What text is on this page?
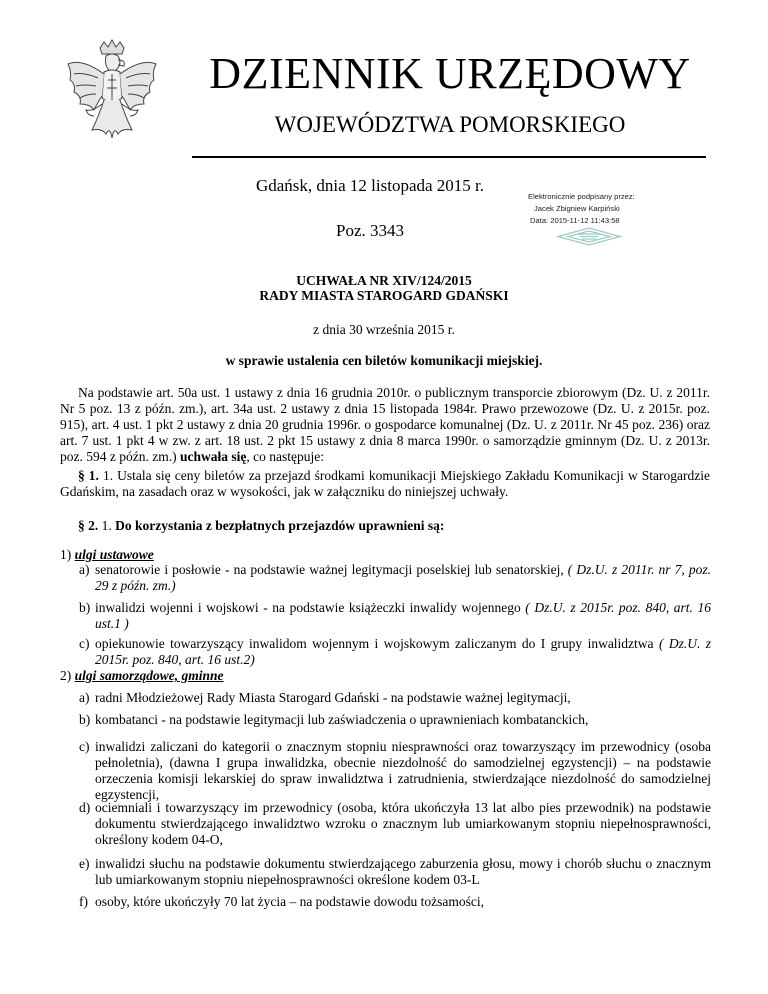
DZIENNIK URZĘDOWY
WOJEWÓDZTWA POMORSKIEGO
Gdańsk, dnia 12 listopada 2015 r.
Poz. 3343
Elektronicznie podpisany przez:
Jacek Zbigniew Karpiński
Data: 2015-11-12 11:43:58
UCHWAŁA NR XIV/124/2015
RADY MIASTA STAROGARD GDAŃSKI
z dnia 30 września 2015 r.
w sprawie ustalenia cen biletów komunikacji miejskiej.
Na podstawie art. 50a ust. 1 ustawy z dnia 16 grudnia 2010r. o publicznym transporcie zbiorowym (Dz. U. z 2011r. Nr 5 poz. 13 z późn. zm.), art. 34a ust. 2 ustawy z dnia 15 listopada 1984r. Prawo przewozowe (Dz. U. z 2015r. poz. 915), art. 4 ust. 1 pkt 2 ustawy z dnia 20 grudnia 1996r. o gospodarce komunalnej (Dz. U. z 2011r. Nr 45 poz. 236) oraz art. 7 ust. 1 pkt 4 w zw. z art. 18 ust. 2 pkt 15 ustawy z dnia 8 marca 1990r. o samorządzie gminnym (Dz. U. z 2013r. poz. 594 z późn. zm.) uchwała się, co następuje:
§ 1. 1. Ustala się ceny biletów za przejazd środkami komunikacji Miejskiego Zakładu Komunikacji w Starogardzie Gdańskim, na zasadach oraz w wysokości, jak w załączniku do niniejszej uchwały.
§ 2. 1. Do korzystania z bezpłatnych przejazdów uprawnieni są:
1) ulgi ustawowe
a) senatorowie i posłowie - na podstawie ważnej legitymacji poselskiej lub senatorskiej, ( Dz.U. z 2011r. nr 7, poz. 29 z późn. zm.)
b) inwalidzi wojenni i wojskowi - na podstawie książeczki inwalidy wojennego ( Dz.U. z 2015r. poz. 840, art. 16 ust.1 )
c) opiekunowie towarzyszący inwalidom wojennym i wojskowym zaliczanym do I grupy inwalidztwa ( Dz.U. z 2015r. poz. 840, art. 16 ust.2)
2) ulgi samorządowe, gminne
a) radni Młodzieżowej Rady Miasta Starogard Gdański - na podstawie ważnej legitymacji,
b) kombatanci - na podstawie legitymacji lub zaświadczenia o uprawnieniach kombatanckich,
c) inwalidzi zaliczani do kategorii o znacznym stopniu niesprawności oraz towarzyszący im przewodnicy (osoba pełnoletnia), (dawna I grupa inwalidzka, obecnie niezdolność do samodzielnej egzystencji) – na podstawie orzeczenia komisji lekarskiej do spraw inwalidztwa i zatrudnienia, stwierdzające niezdolność do samodzielnej egzystencji,
d) ociemniali i towarzyszący im przewodnicy (osoba, która ukończyła 13 lat albo pies przewodnik) na podstawie dokumentu stwierdzającego inwalidztwo wzroku o znacznym lub umiarkowanym stopniu niepełnosprawności, określony kodem 04-O,
e) inwalidzi słuchu na podstawie dokumentu stwierdzającego zaburzenia głosu, mowy i chorób słuchu o znacznym lub umiarkowanym stopniu niepełnosprawności określone kodem 03-L
f) osoby, które ukończyły 70 lat życia – na podstawie dowodu tożsamości,
